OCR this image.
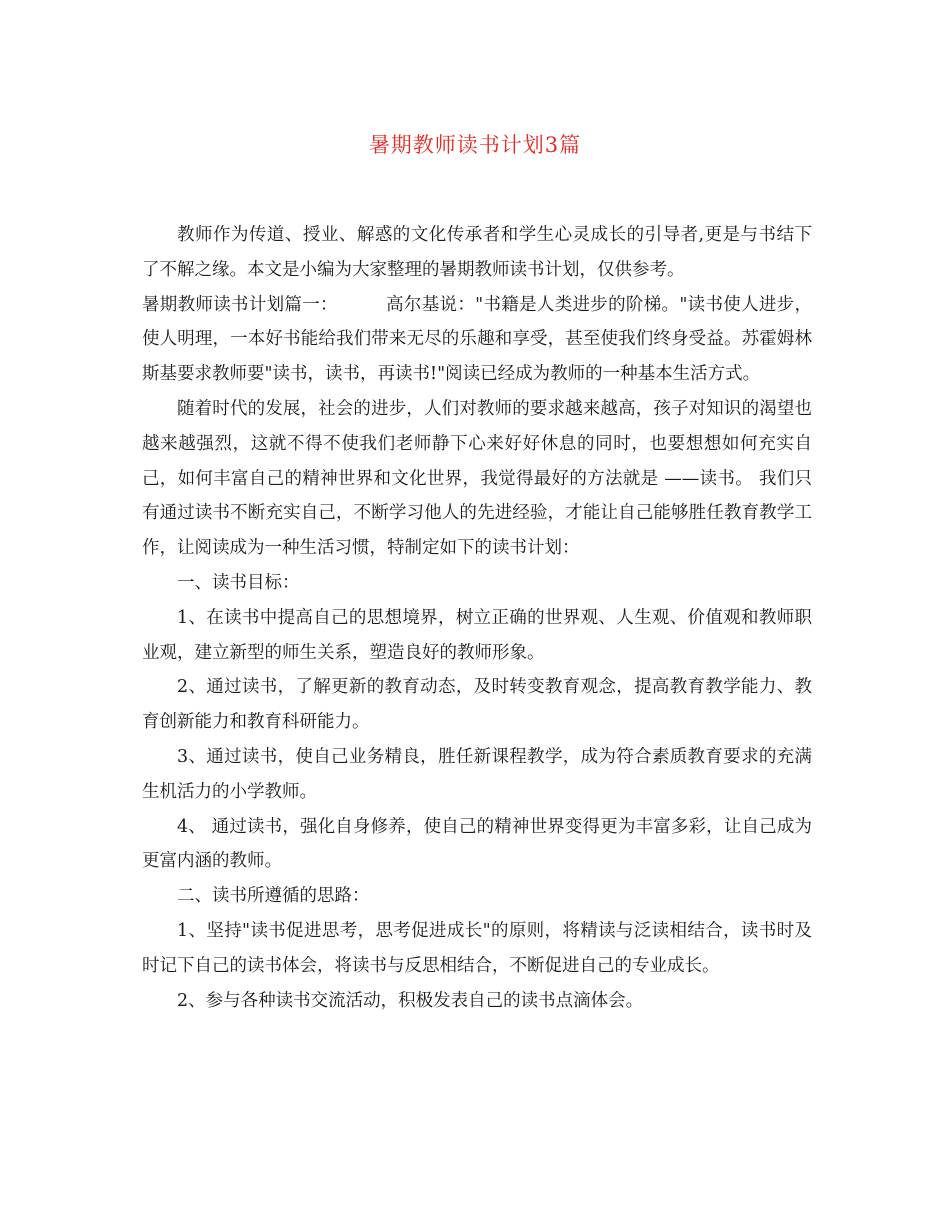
暑期教师读书计划3篇

教师作为传道、授业、解惑的文化传承者和学生心灵成长的引导者,更是与书结下了不解之缘。本文是小编为大家整理的暑期教师读书计划，仅供参考。

暑期教师读书计划篇一：	高尔基说："书籍是人类进步的阶梯。"读书使人进步，使人明理，一本好书能给我们带来无尽的乐趣和享受，甚至使我们终身受益。苏霍姆林斯基要求教师要"读书，读书，再读书!"阅读已经成为教师的一种基本生活方式。

随着时代的发展，社会的进步，人们对教师的要求越来越高，孩子对知识的渴望也越来越强烈，这就不得不使我们老师静下心来好好休息的同时，也要想想如何充实自己，如何丰富自己的精神世界和文化世界，我觉得最好的方法就是 ——读书。 我们只有通过读书不断充实自己，不断学习他人的先进经验，才能让自己能够胜任教育教学工作，让阅读成为一种生活习惯，特制定如下的读书计划：

一、读书目标：

1、在读书中提高自己的思想境界，树立正确的世界观、人生观、价值观和教师职业观，建立新型的师生关系，塑造良好的教师形象。

2、通过读书，了解更新的教育动态，及时转变教育观念，提高教育教学能力、教育创新能力和教育科研能力。

3、通过读书，使自己业务精良，胜任新课程教学，成为符合素质教育要求的充满生机活力的小学教师。

4、 通过读书，强化自身修养，使自己的精神世界变得更为丰富多彩，让自己成为更富内涵的教师。

二、读书所遵循的思路：

1、坚持"读书促进思考，思考促进成长"的原则，将精读与泛读相结合，读书时及时记下自己的读书体会，将读书与反思相结合，不断促进自己的专业成长。

2、参与各种读书交流活动，积极发表自己的读书点滴体会。
